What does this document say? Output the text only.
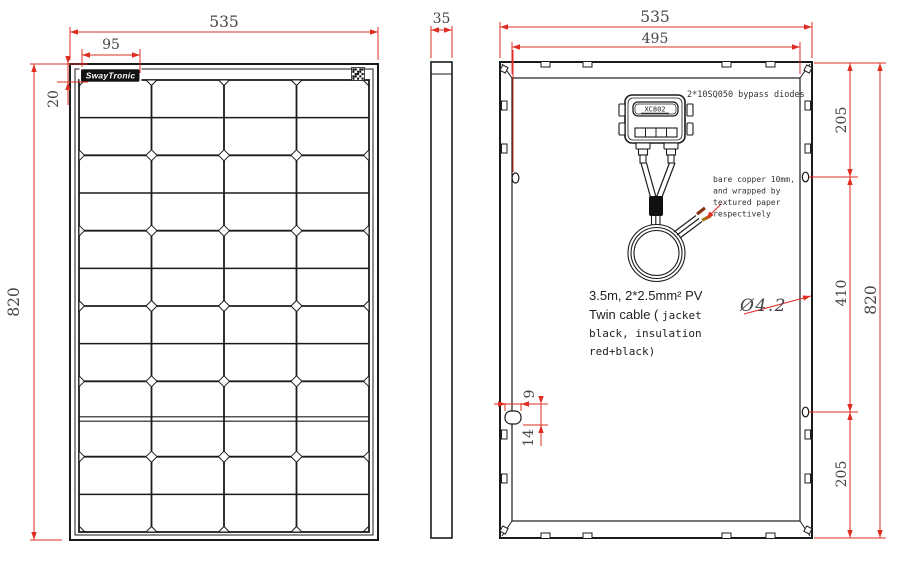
535
95
20
820
SwayTronic
35	535
495
205
410
205
820
9
14
2*10SQ050 bypass diodes
bare copper 10mm,
and wrapped by
textured paper
respectively
3.5m, 2*2.5mm² PV
Twin cable ( jacket
black, insulation
red+black)
Ø4.2
XC802
